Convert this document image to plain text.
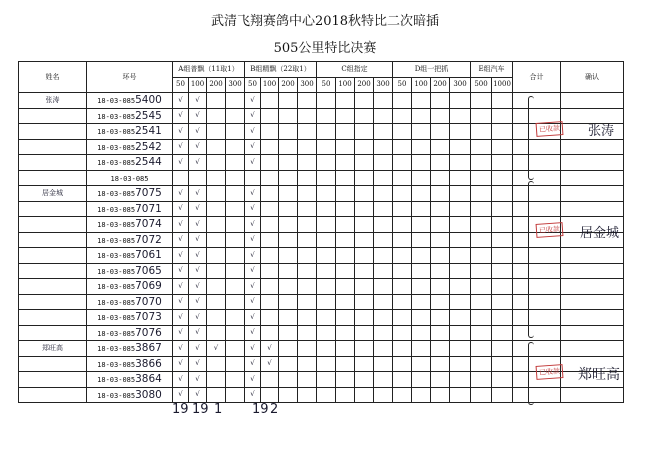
武清飞翔赛鸽中心2018秋特比二次暗插
505公里特比决赛
姓名	环号	A组普飘（11取1）				B组精飘（22取1）				C组指定				D组一把抓				E组汽车		合计	确认
		50	100	200	300	50	100	200	300	50	100	200	300	50	100	200	300	500	1000		
张涛	18-03-0855400	√	√			√															
	18-03-0852545	√	√			√															
	18-03-0852541	√	√			√															
	18-03-0852542	√	√			√															
	18-03-0852544	√	√			√															
	18-03-085																				
居金城	18-03-0857075	√	√			√															
	18-03-0857071	√	√			√															
	18-03-0857074	√	√			√															
	18-03-0857072	√	√			√															
	18-03-0857061	√	√			√															
	18-03-0857065	√	√			√															
	18-03-0857069	√	√			√															
	18-03-0857070	√	√			√															
	18-03-0857073	√	√			√															
	18-03-0857076	√	√			√															
郑旺高	18-03-0853867	√	√	√		√	√														
	18-03-0853866	√	√			√	√														
	18-03-0853864	√	√			√															
	18-03-0853080	√	√			√															
已收款
已收款
已收款
张涛
居金城
郑旺高
19 19 1 19 2
